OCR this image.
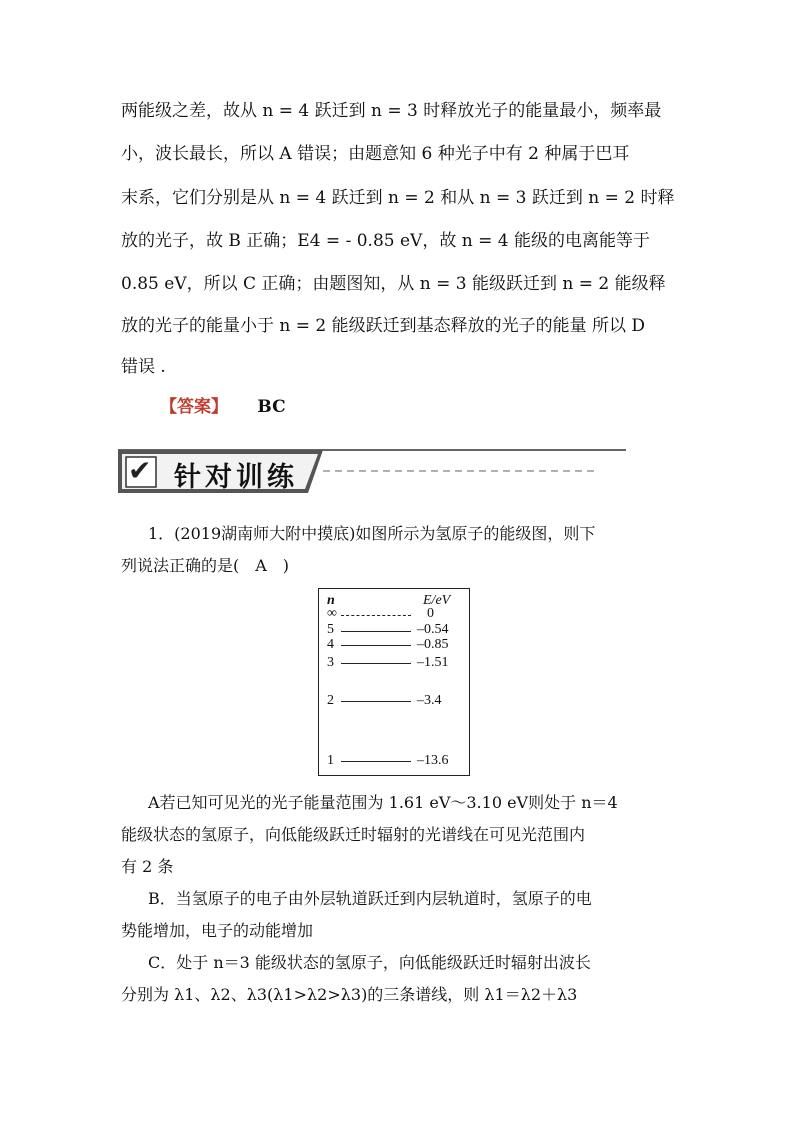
两能级之差，故从 n = 4 跃迁到 n = 3 时释放光子的能量最小，频率最
小，波长最长，所以 A 错误；由题意知 6 种光子中有 2 种属于巴耳
末系，它们分别是从 n = 4 跃迁到 n = 2 和从 n = 3 跃迁到 n = 2 时释
放的光子，故 B 正确；E4 = - 0.85 eV，故 n = 4 能级的电离能等于
0.85 eV，所以 C 正确；由题图知，从 n = 3 能级跃迁到 n = 2 能级释
放的光子的能量小于 n = 2 能级跃迁到基态释放的光子的能量 所以 D
错误 .
【答案】 BC
✔ 针对训练
1．(2019湖南师大附中摸底)如图所示为氢原子的能级图，则下
列说法正确的是(　A　)
n	E/eV
∞	0
5	–0.54
4	–0.85
3	–1.51
2	–3.4
1	–13.6
A若已知可见光的光子能量范围为 1.61 eV～3.10 eV则处于 n＝4
能级状态的氢原子，向低能级跃迁时辐射的光谱线在可见光范围内
有 2 条
B．当氢原子的电子由外层轨道跃迁到内层轨道时，氢原子的电
势能增加，电子的动能增加
C．处于 n＝3 能级状态的氢原子，向低能级跃迁时辐射出波长
分别为 λ1、λ2、λ3(λ1>λ2>λ3)的三条谱线，则 λ1＝λ2＋λ3
